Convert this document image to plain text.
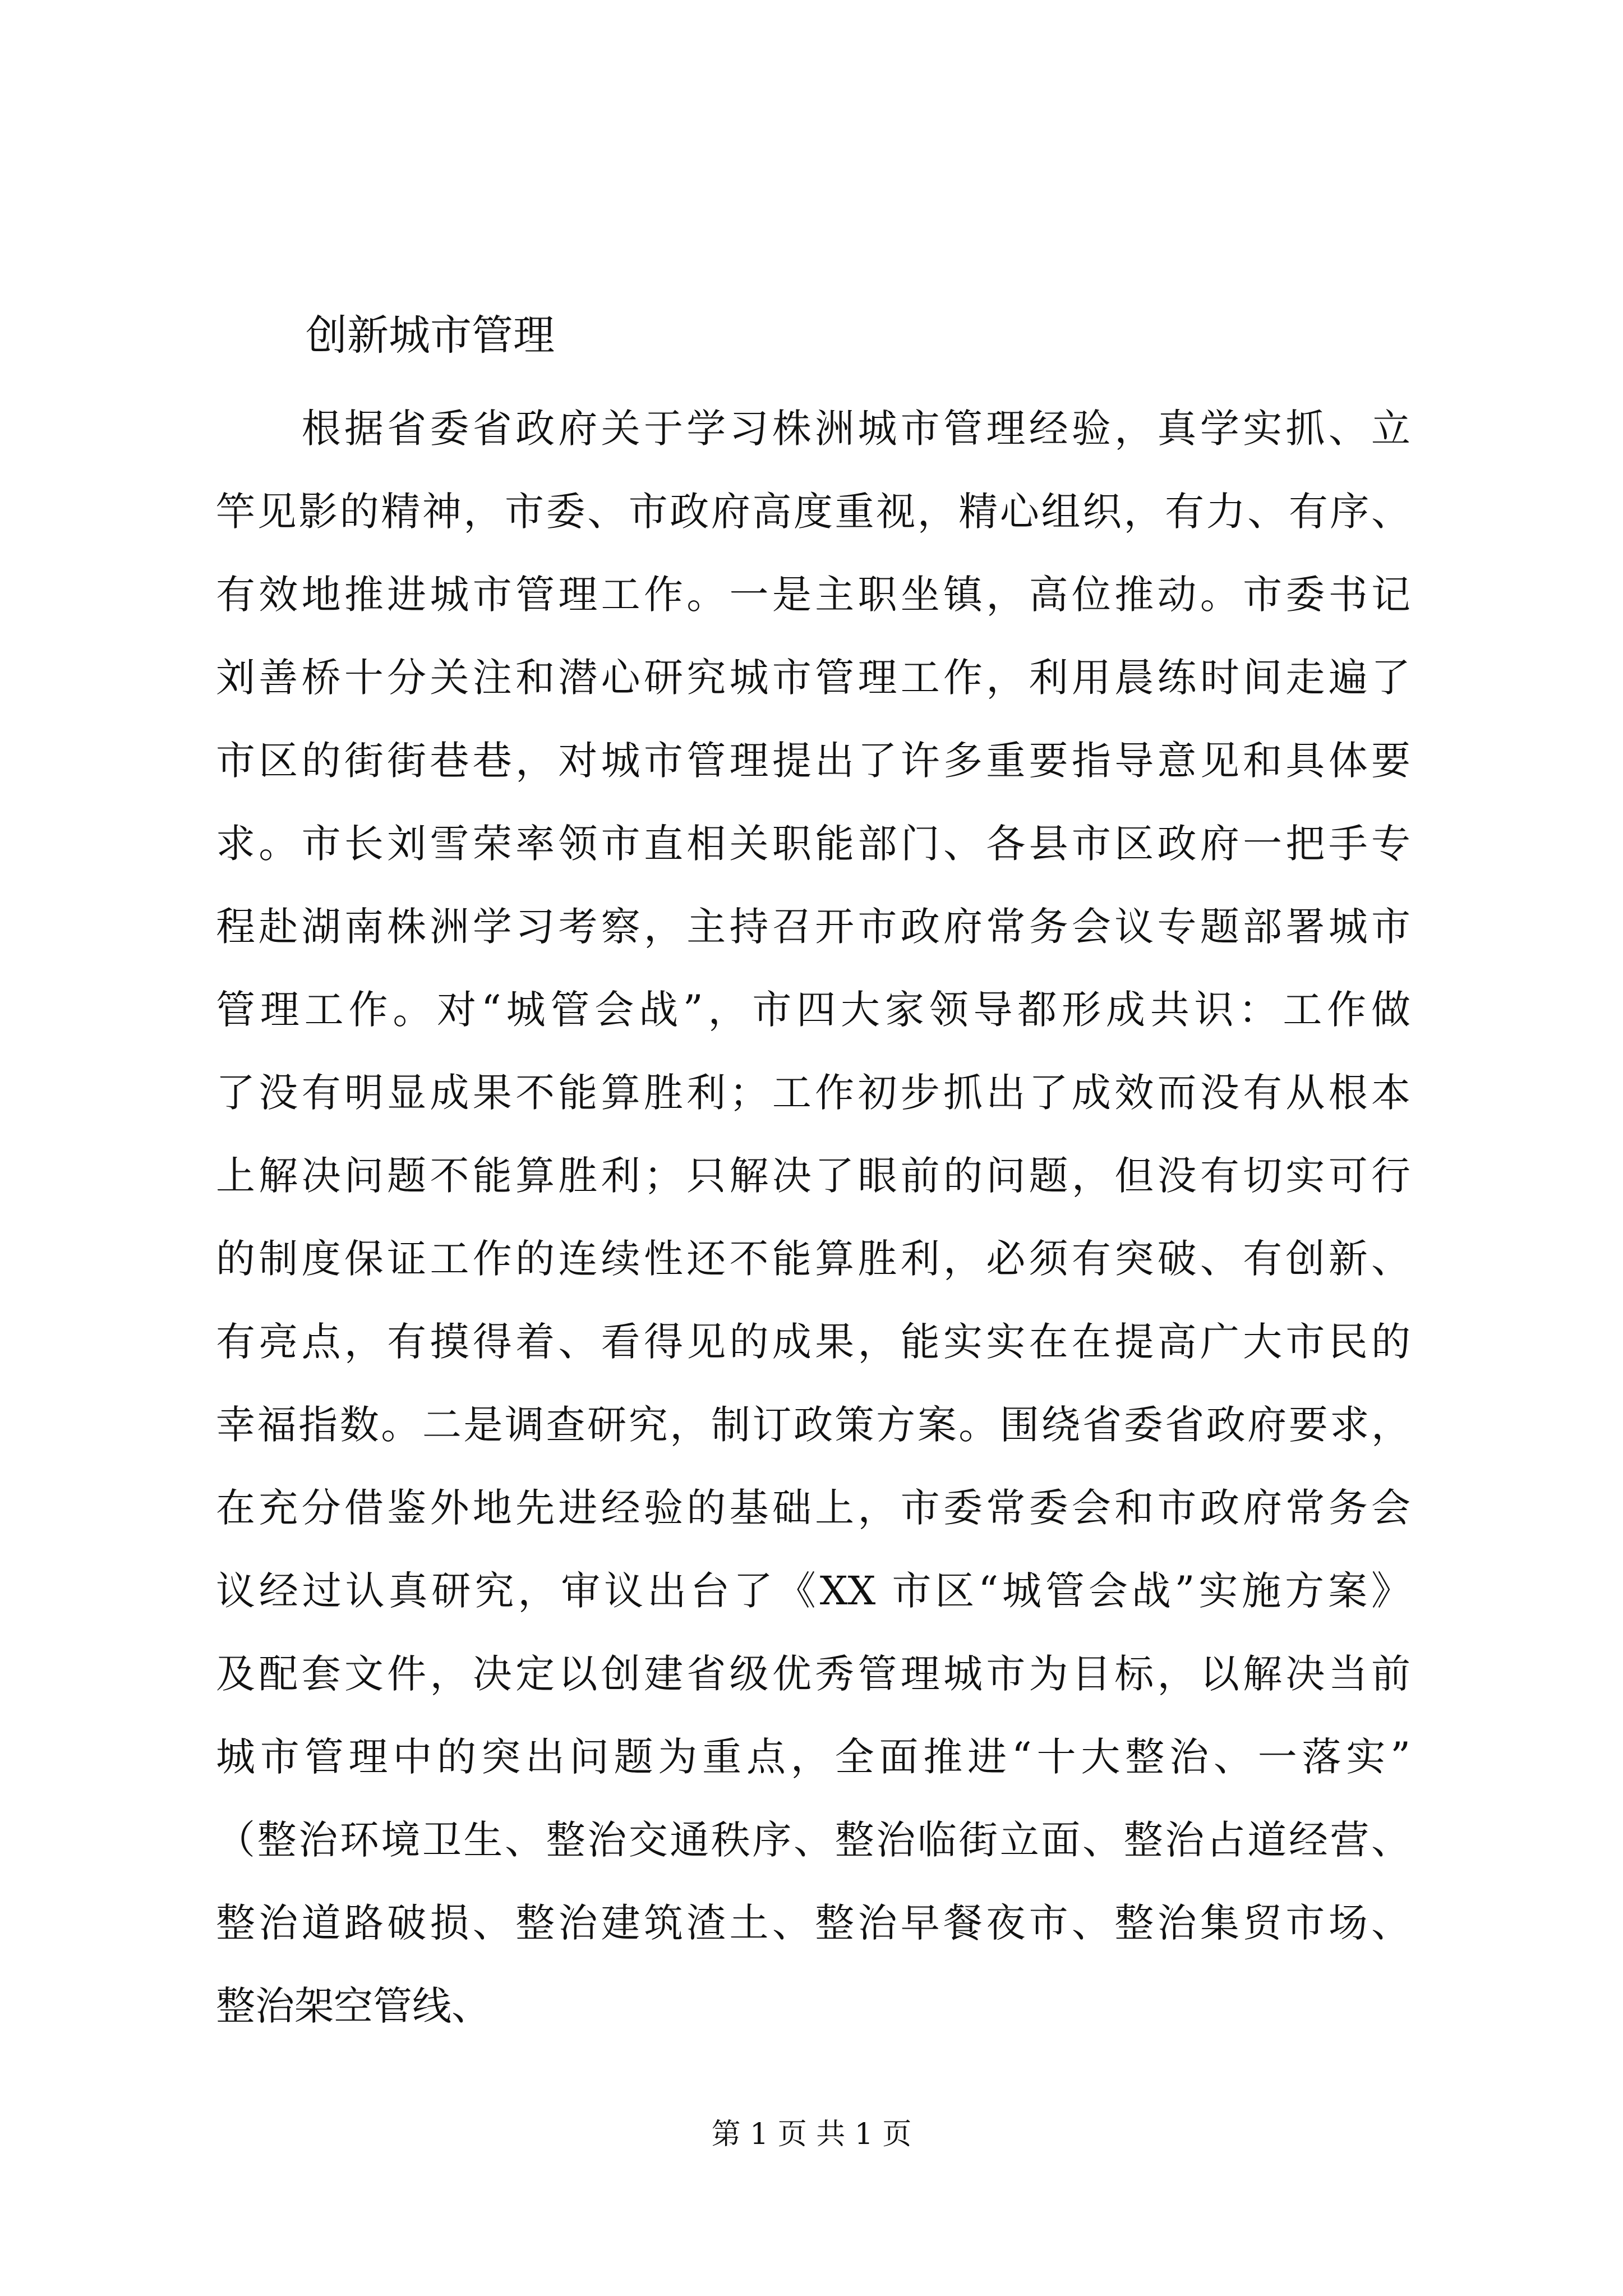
创新城市管理
　　根据省委省政府关于学习株洲城市管理经验，真学实抓、立
竿见影的精神，市委、市政府高度重视，精心组织，有力、有序、
有效地推进城市管理工作。一是主职坐镇，高位推动。市委书记
刘善桥十分关注和潜心研究城市管理工作，利用晨练时间走遍了
市区的街街巷巷，对城市管理提出了许多重要指导意见和具体要
求。市长刘雪荣率领市直相关职能部门、各县市区政府一把手专
程赴湖南株洲学习考察，主持召开市政府常务会议专题部署城市
管理工作。对“城管会战”，市四大家领导都形成共识：工作做
了没有明显成果不能算胜利；工作初步抓出了成效而没有从根本
上解决问题不能算胜利；只解决了眼前的问题，但没有切实可行
的制度保证工作的连续性还不能算胜利，必须有突破、有创新、
有亮点，有摸得着、看得见的成果，能实实在在提高广大市民的
幸福指数。二是调查研究，制订政策方案。围绕省委省政府要求，
在充分借鉴外地先进经验的基础上，市委常委会和市政府常务会
议经过认真研究，审议出台了《XX 市区“城管会战”实施方案》
及配套文件，决定以创建省级优秀管理城市为目标，以解决当前
城市管理中的突出问题为重点，全面推进“十大整治、一落实”
（整治环境卫生、整治交通秩序、整治临街立面、整治占道经营、
整治道路破损、整治建筑渣土、整治早餐夜市、整治集贸市场、
整治架空管线、
第 1 页 共 1 页
